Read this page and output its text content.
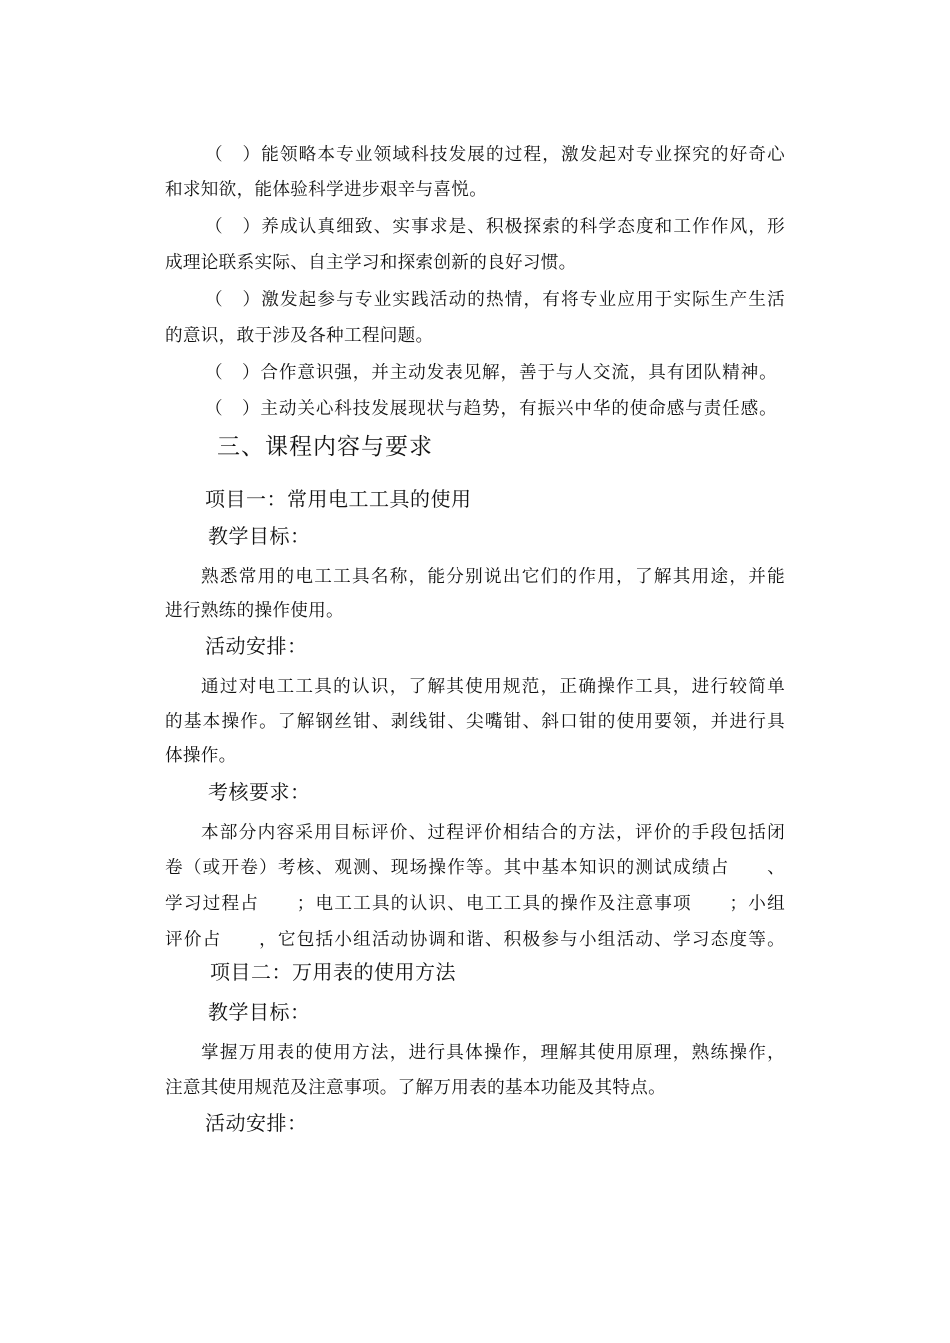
（　）能领略本专业领域科技发展的过程，激发起对专业探究的好奇心
和求知欲，能体验科学进步艰辛与喜悦。
（　）养成认真细致、实事求是、积极探索的科学态度和工作作风，形
成理论联系实际、自主学习和探索创新的良好习惯。
（　）激发起参与专业实践活动的热情，有将专业应用于实际生产生活
的意识，敢于涉及各种工程问题。
（　）合作意识强，并主动发表见解，善于与人交流，具有团队精神。
（　）主动关心科技发展现状与趋势，有振兴中华的使命感与责任感。
三、课程内容与要求
项目一：常用电工工具的使用
教学目标：
熟悉常用的电工工具名称，能分别说出它们的作用，了解其用途，并能
进行熟练的操作使用。
活动安排：
通过对电工工具的认识，了解其使用规范，正确操作工具，进行较简单
的基本操作。了解钢丝钳、剥线钳、尖嘴钳、斜口钳的使用要领，并进行具
体操作。
考核要求：
本部分内容采用目标评价、过程评价相结合的方法，评价的手段包括闭
卷（或开卷）考核、观测、现场操作等。其中基本知识的测试成绩占　　、
学习过程占　　；电工工具的认识、电工工具的操作及注意事项　　；小组
评价占　　，它包括小组活动协调和谐、积极参与小组活动、学习态度等。
项目二：万用表的使用方法
教学目标：
掌握万用表的使用方法，进行具体操作，理解其使用原理，熟练操作，
注意其使用规范及注意事项。了解万用表的基本功能及其特点。
活动安排：
